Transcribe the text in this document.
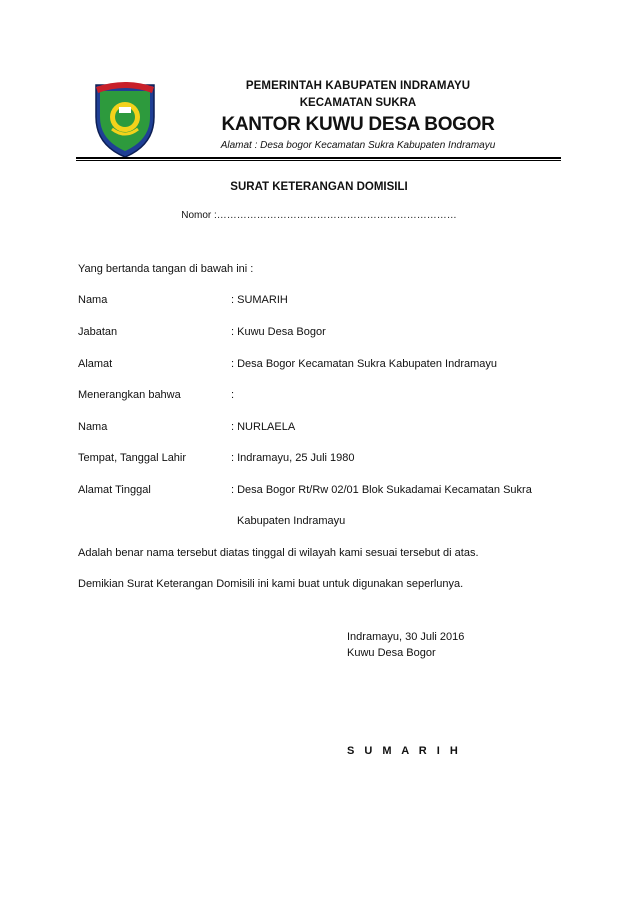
PEMERINTAH KABUPATEN INDRAMAYU
KECAMATAN SUKRA
KANTOR KUWU DESA BOGOR
Alamat : Desa bogor Kecamatan Sukra Kabupaten Indramayu
SURAT KETERANGAN DOMISILI
Nomor :………………………………………………………………
Yang bertanda tangan di bawah ini :
Nama	: SUMARIH
Jabatan	: Kuwu Desa Bogor
Alamat	: Desa Bogor Kecamatan Sukra Kabupaten Indramayu
Menerangkan bahwa	:
Nama	: NURLAELA
Tempat, Tanggal Lahir	: Indramayu, 25 Juli 1980
Alamat Tinggal	: Desa Bogor Rt/Rw 02/01 Blok Sukadamai Kecamatan Sukra
Kabupaten Indramayu
Adalah benar nama tersebut diatas tinggal di wilayah kami sesuai tersebut di atas.
Demikian Surat Keterangan Domisili ini kami buat untuk digunakan seperlunya.
Indramayu, 30 Juli 2016
Kuwu Desa Bogor
S U M A R I H
